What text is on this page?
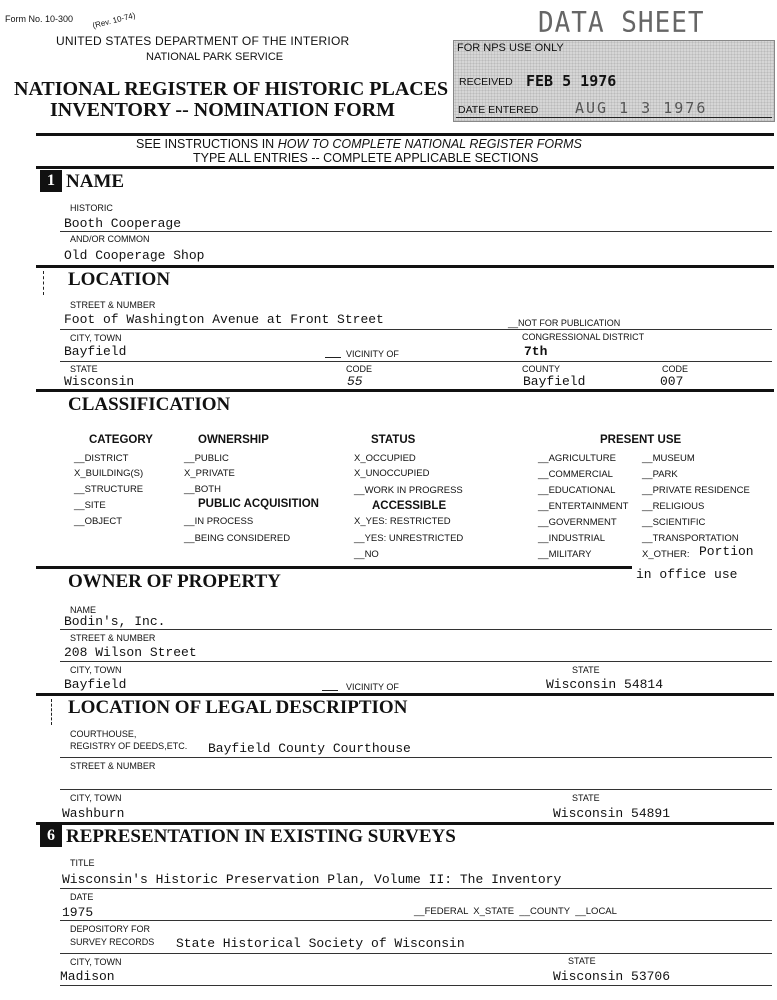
Form No. 10-300 (Rev. 10-74)
UNITED STATES DEPARTMENT OF THE INTERIOR
NATIONAL PARK SERVICE
NATIONAL REGISTER OF HISTORIC PLACES
INVENTORY -- NOMINATION FORM
DATA SHEET
FOR NPS USE ONLY
RECEIVED FEB 5 1976
DATE ENTERED AUG 1 3 1976
SEE INSTRUCTIONS IN HOW TO COMPLETE NATIONAL REGISTER FORMS
TYPE ALL ENTRIES -- COMPLETE APPLICABLE SECTIONS
1 NAME
HISTORIC
Booth Cooperage
AND/OR COMMON
Old Cooperage Shop
LOCATION
STREET & NUMBER
Foot of Washington Avenue at Front Street	__NOT FOR PUBLICATION
CITY, TOWN	CONGRESSIONAL DISTRICT
Bayfield	VICINITY OF	7th
STATE	CODE	COUNTY	CODE
Wisconsin	55	Bayfield	007
CLASSIFICATION
CATEGORY
__DISTRICT
X_BUILDING(S)
__STRUCTURE
__SITE
__OBJECT
OWNERSHIP
__PUBLIC
X_PRIVATE
__BOTH
PUBLIC ACQUISITION
__IN PROCESS
__BEING CONSIDERED
STATUS
X_OCCUPIED
X_UNOCCUPIED
__WORK IN PROGRESS
ACCESSIBLE
X_YES: RESTRICTED
__YES: UNRESTRICTED
__NO
PRESENT USE
__AGRICULTURE
__COMMERCIAL
__EDUCATIONAL
__ENTERTAINMENT
__GOVERNMENT
__INDUSTRIAL
__MILITARY
__MUSEUM
__PARK
__PRIVATE RESIDENCE
__RELIGIOUS
__SCIENTIFIC
__TRANSPORTATION
X_OTHER: Portion
in office use
OWNER OF PROPERTY
NAME
Bodin's, Inc.
STREET & NUMBER
208 Wilson Street
CITY, TOWN	STATE
Bayfield	VICINITY OF	Wisconsin 54814
LOCATION OF LEGAL DESCRIPTION
COURTHOUSE,
REGISTRY OF DEEDS,ETC. Bayfield County Courthouse
STREET & NUMBER
CITY, TOWN	STATE
Washburn	Wisconsin 54891
6 REPRESENTATION IN EXISTING SURVEYS
TITLE
Wisconsin's Historic Preservation Plan, Volume II: The Inventory
DATE
1975	__FEDERAL  X_STATE  __COUNTY  __LOCAL
DEPOSITORY FOR
SURVEY RECORDS State Historical Society of Wisconsin
CITY, TOWN	STATE
Madison	Wisconsin 53706
